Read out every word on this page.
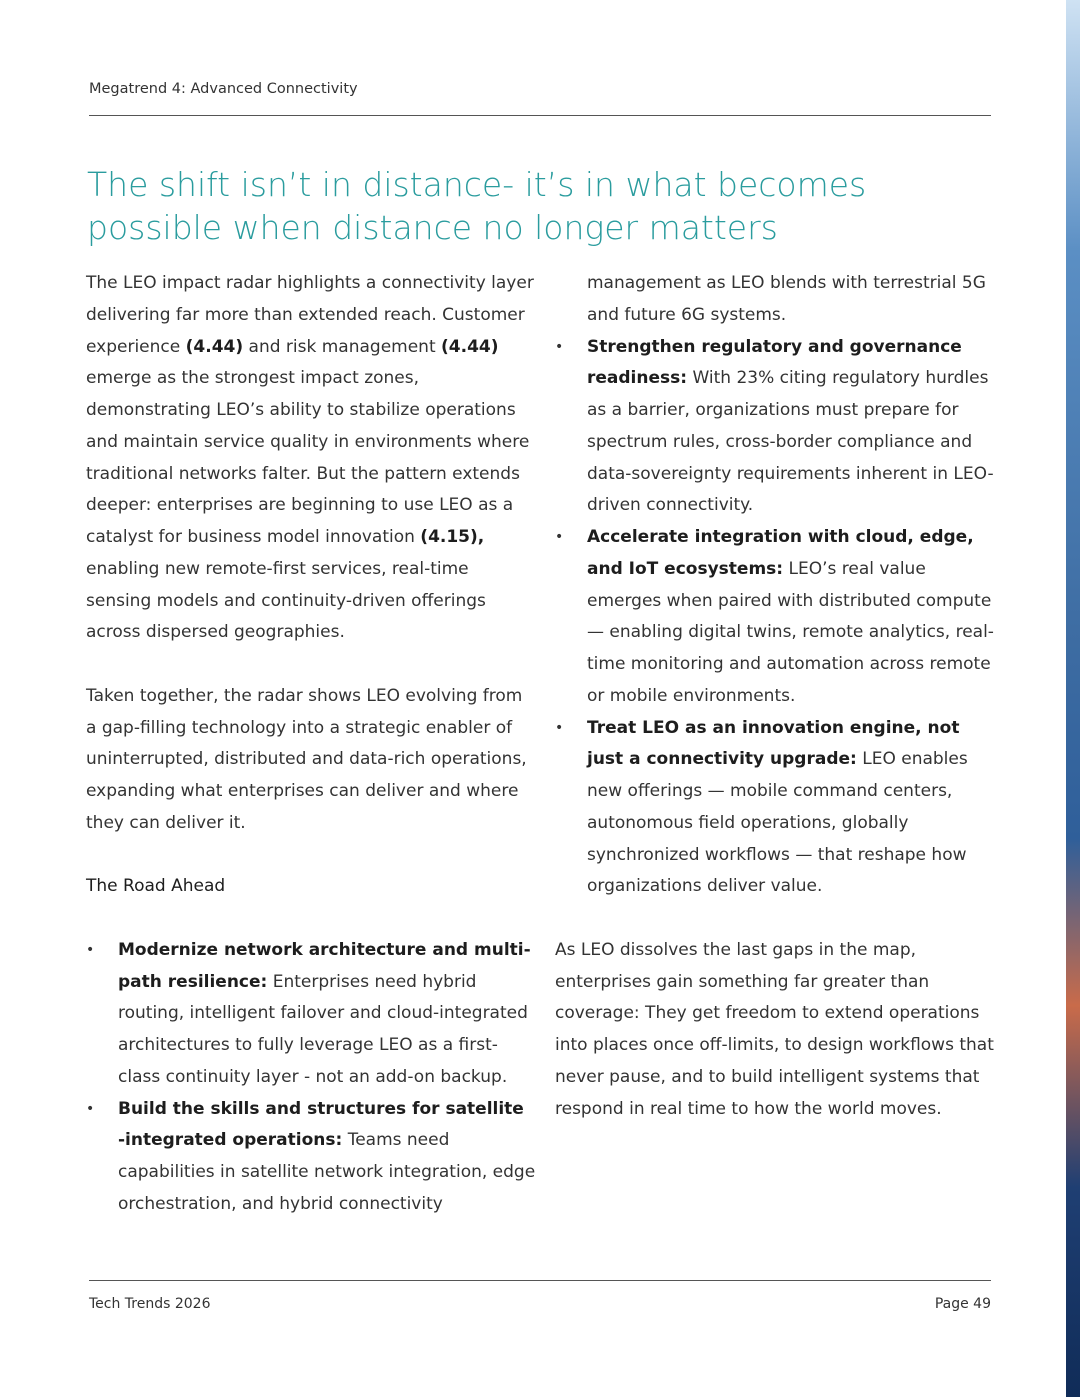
Megatrend 4: Advanced Connectivity
The shift isn’t in distance- it’s in what becomes possible when distance no longer matters

The LEO impact radar highlights a connectivity layer delivering far more than extended reach. Customer experience (4.44) and risk management (4.44) emerge as the strongest impact zones, demonstrating LEO’s ability to stabilize operations and maintain service quality in environments where traditional networks falter. But the pattern extends deeper: enterprises are beginning to use LEO as a catalyst for business model innovation (4.15), enabling new remote-first services, real-time sensing models and continuity-driven offerings across dispersed geographies.

Taken together, the radar shows LEO evolving from a gap-filling technology into a strategic enabler of uninterrupted, distributed and data-rich operations, expanding what enterprises can deliver and where they can deliver it.

The Road Ahead

• Modernize network architecture and multi-path resilience: Enterprises need hybrid routing, intelligent failover and cloud-integrated architectures to fully leverage LEO as a first-class continuity layer - not an add-on backup.
• Build the skills and structures for satellite -integrated operations: Teams need capabilities in satellite network integration, edge orchestration, and hybrid connectivity

management as LEO blends with terrestrial 5G and future 6G systems.

• Strengthen regulatory and governance readiness: With 23% citing regulatory hurdles as a barrier, organizations must prepare for spectrum rules, cross-border compliance and data-sovereignty requirements inherent in LEO-driven connectivity.
• Accelerate integration with cloud, edge, and IoT ecosystems: LEO’s real value emerges when paired with distributed compute — enabling digital twins, remote analytics, real-time monitoring and automation across remote or mobile environments.
• Treat LEO as an innovation engine, not just a connectivity upgrade: LEO enables new offerings — mobile command centers, autonomous field operations, globally synchronized workflows — that reshape how organizations deliver value.

As LEO dissolves the last gaps in the map, enterprises gain something far greater than coverage: They get freedom to extend operations into places once off-limits, to design workflows that never pause, and to build intelligent systems that respond in real time to how the world moves.

Tech Trends 2026	Page 49
